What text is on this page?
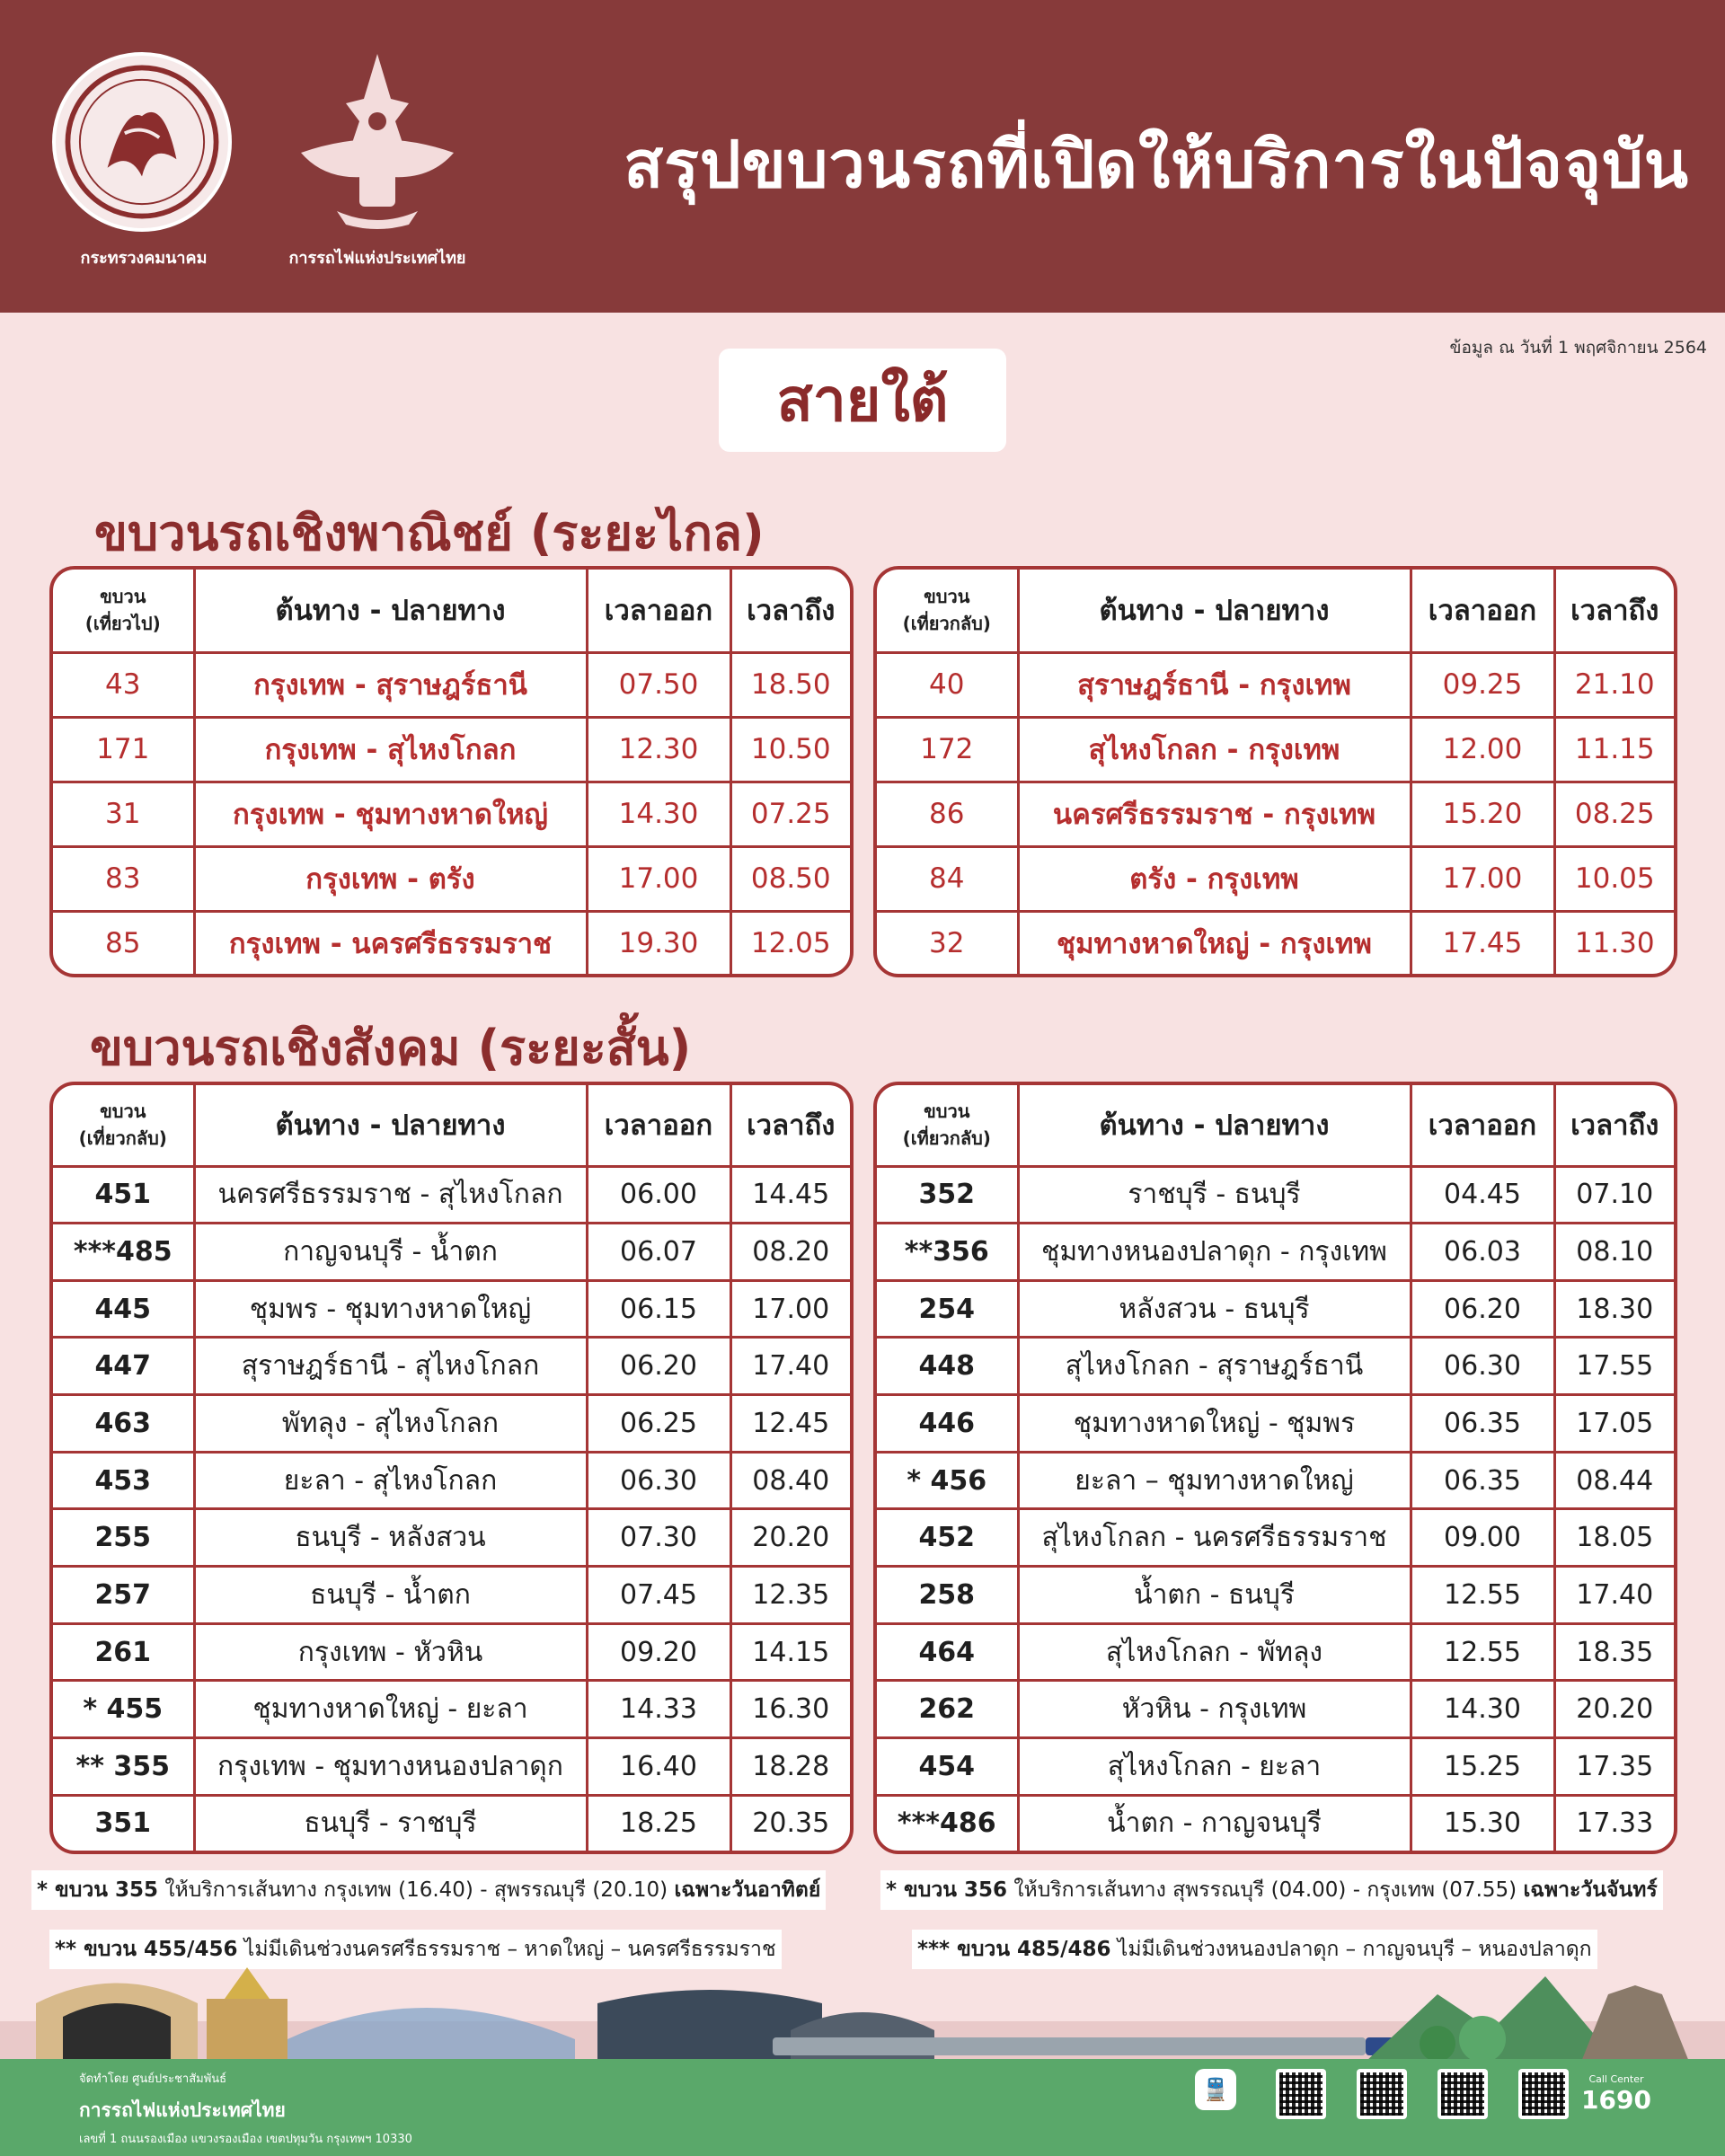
กระทรวงคมนาคม	การรถไฟแห่งประเทศไทย
สรุปขบวนรถที่เปิดให้บริการในปัจจุบัน
ข้อมูล ณ วันที่ 1 พฤศจิกายน 2564
สายใต้
ขบวนรถเชิงพาณิชย์ (ระยะไกล)
ขบวนรถเชิงสังคม (ระยะสั้น)
ขบวน
(เที่ยวไป)	ต้นทาง - ปลายทาง	เวลาออก	เวลาถึง
43	กรุงเทพ - สุราษฎร์ธานี	07.50	18.50
171	กรุงเทพ - สุไหงโกลก	12.30	10.50
31	กรุงเทพ - ชุมทางหาดใหญ่	14.30	07.25
83	กรุงเทพ - ตรัง	17.00	08.50
85	กรุงเทพ - นครศรีธรรมราช	19.30	12.05
ขบวน
(เที่ยวกลับ)	ต้นทาง - ปลายทาง	เวลาออก	เวลาถึง
40	สุราษฎร์ธานี - กรุงเทพ	09.25	21.10
172	สุไหงโกลก - กรุงเทพ	12.00	11.15
86	นครศรีธรรมราช - กรุงเทพ	15.20	08.25
84	ตรัง - กรุงเทพ	17.00	10.05
32	ชุมทางหาดใหญ่ - กรุงเทพ	17.45	11.30
ขบวน
(เที่ยวกลับ)	ต้นทาง - ปลายทาง	เวลาออก	เวลาถึง
451	นครศรีธรรมราช - สุไหงโกลก	06.00	14.45
***485	กาญจนบุรี - น้ำตก	06.07	08.20
445	ชุมพร - ชุมทางหาดใหญ่	06.15	17.00
447	สุราษฎร์ธานี - สุไหงโกลก	06.20	17.40
463	พัทลุง - สุไหงโกลก	06.25	12.45
453	ยะลา - สุไหงโกลก	06.30	08.40
255	ธนบุรี - หลังสวน	07.30	20.20
257	ธนบุรี - น้ำตก	07.45	12.35
261	กรุงเทพ - หัวหิน	09.20	14.15
* 455	ชุมทางหาดใหญ่ - ยะลา	14.33	16.30
** 355	กรุงเทพ - ชุมทางหนองปลาดุก	16.40	18.28
351	ธนบุรี - ราชบุรี	18.25	20.35
ขบวน
(เที่ยวกลับ)	ต้นทาง - ปลายทาง	เวลาออก	เวลาถึง
352	ราชบุรี - ธนบุรี	04.45	07.10
**356	ชุมทางหนองปลาดุก - กรุงเทพ	06.03	08.10
254	หลังสวน - ธนบุรี	06.20	18.30
448	สุไหงโกลก - สุราษฎร์ธานี	06.30	17.55
446	ชุมทางหาดใหญ่ - ชุมพร	06.35	17.05
* 456	ยะลา – ชุมทางหาดใหญ่	06.35	08.44
452	สุไหงโกลก - นครศรีธรรมราช	09.00	18.05
258	น้ำตก - ธนบุรี	12.55	17.40
464	สุไหงโกลก - พัทลุง	12.55	18.35
262	หัวหิน - กรุงเทพ	14.30	20.20
454	สุไหงโกลก - ยะลา	15.25	17.35
***486	น้ำตก - กาญจนบุรี	15.30	17.33
* ขบวน 355 ให้บริการเส้นทาง กรุงเทพ (16.40) - สุพรรณบุรี (20.10) เฉพาะวันอาทิตย์	* ขบวน 356 ให้บริการเส้นทาง สุพรรณบุรี (04.00) - กรุงเทพ (07.55) เฉพาะวันจันทร์
** ขบวน 455/456 ไม่มีเดินช่วงนครศรีธรรมราช – หาดใหญ่ – นครศรีธรรมราช	*** ขบวน 485/486 ไม่มีเดินช่วงหนองปลาดุก – กาญจนบุรี – หนองปลาดุก
จัดทำโดย ศูนย์ประชาสัมพันธ์
การรถไฟแห่งประเทศไทย
เลขที่ 1 ถนนรองเมือง แขวงรองเมือง เขตปทุมวัน กรุงเทพฯ 10330
🚆	Call Center
1690
